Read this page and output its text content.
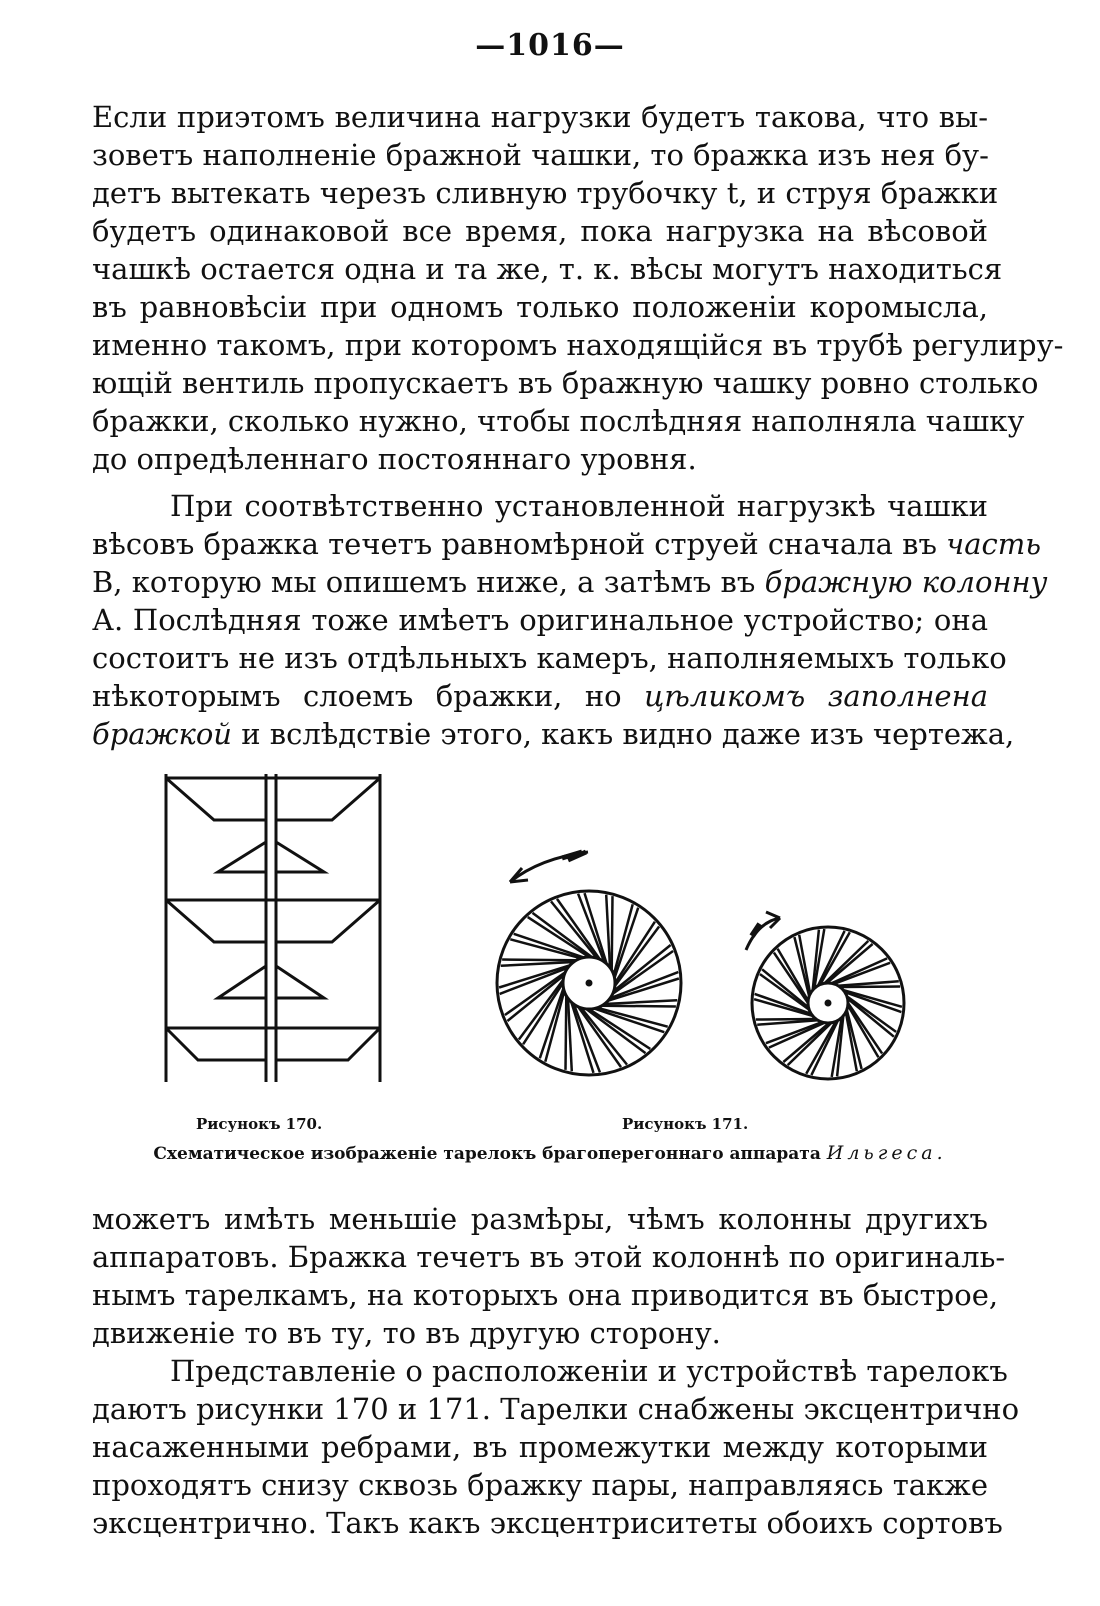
—1016—
Если приэтомъ величина нагрузки будетъ такова, что вы-
зоветъ наполненіе бражной чашки, то бражка изъ нея бу-
детъ вытекать черезъ сливную трубочку t, и струя бражки
будетъ одинаковой все время, пока нагрузка на вѣсовой
чашкѣ остается одна и та же, т. к. вѣсы могутъ находиться
въ равновѣсіи при одномъ только положеніи коромысла,
именно такомъ, при которомъ находящійся въ трубѣ регулиру-
ющій вентиль пропускаетъ въ бражную чашку ровно столько
бражки, сколько нужно, чтобы послѣдняя наполняла чашку
до опредѣленнаго постояннаго уровня.
При соотвѣтственно установленной нагрузкѣ чашки
вѣсовъ бражка течетъ равномѣрной струей сначала въ часть
В, которую мы опишемъ ниже, а затѣмъ въ бражную колонну
А. Послѣдняя тоже имѣетъ оригинальное устройство; она
состоитъ не изъ отдѣльныхъ камеръ, наполняемыхъ только
нѣкоторымъ слоемъ бражки, но цѣликомъ заполнена
бражкой и вслѣдствіе этого, какъ видно даже изъ чертежа,
Рисунокъ 170.	Рисунокъ 171.
Схематическое изображеніе тарелокъ брагоперегоннаго аппарата Ильгеса.
можетъ имѣть меньшіе размѣры, чѣмъ колонны другихъ
аппаратовъ. Бражка течетъ въ этой колоннѣ по оригиналь-
нымъ тарелкамъ, на которыхъ она приводится въ быстрое,
движеніе то въ ту, то въ другую сторону.
Представленіе о расположеніи и устройствѣ тарелокъ
даютъ рисунки 170 и 171. Тарелки снабжены эксцентрично
насаженными ребрами, въ промежутки между которыми
проходятъ снизу сквозь бражку пары, направляясь также
эксцентрично. Такъ какъ эксцентриситеты обоихъ сортовъ
